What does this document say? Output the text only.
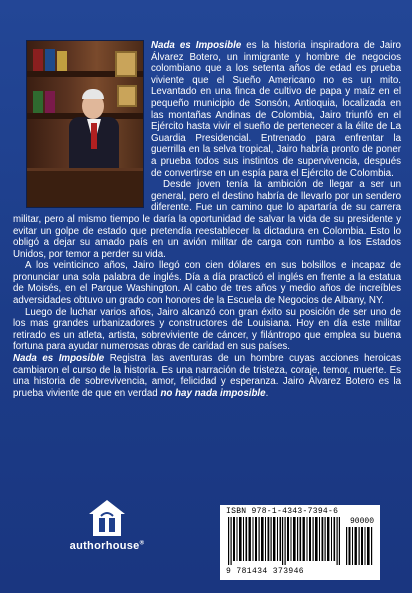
Nada es Imposible es la historia inspiradora de Jairo Álvarez Botero, un inmigrante y hombre de negocios colombiano que a los setenta años de edad es prueba viviente que el Sueño Americano no es un mito. Levantado en una finca de cultivo de papa y maíz en el pequeño municipio de Sonsón, Antioquia, localizada en las montañas Andinas de Colombia, Jairo triunfó en el Ejército hasta vivir el sueño de pertenecer a la élite de La Guardia Presidencial. Entrenado para enfrentar la guerrilla en la selva tropical, Jairo habría pronto de poner a prueba todos sus instintos de supervivencia, después de convertirse en un espía para el Ejército de Colombia.

Desde joven tenía la ambición de llegar a ser un general, pero el destino habría de llevarlo por un sendero diferente. Fue un camino que lo apartaría de su carrera militar, pero al mismo tiempo le daría la oportunidad de salvar la vida de su presidente y evitar un golpe de estado que pretendía reestablecer la dictadura en Colombia. Esto lo obligó a dejar su amado país en un avión militar de carga con rumbo a los Estados Unidos, por temor a perder su vida.

A los veinticinco años, Jairo llegó con cien dólares en sus bolsillos e incapaz de pronunciar una sola palabra de inglés. Día a día practicó el inglés en frente a la estatua de Moisés, en el Parque Washington. Al cabo de tres años y medio años de increíbles adversidades obtuvo un grado con honores de la Escuela de Negocios de Albany, NY.

Luego de luchar varios años, Jairo alcanzó con gran éxito su posición de ser uno de los mas grandes urbanizadores y constructores de Louisiana. Hoy en día este militar retirado es un atleta, artista, sobreviviente de cáncer, y filántropo que emplea su buena fortuna para ayudar numerosas obras de caridad en sus países.

Nada es Imposible Registra las aventuras de un hombre cuyas acciones heroicas cambiaron el curso de la historia. Es una narración de tristeza, coraje, temor, muerte. Es una historia de sobrevivencia, amor, felicidad y esperanza. Jairo Álvarez Botero es la prueba viviente de que en verdad no hay nada imposible.

authorhouse®
ISBN 978-1-4343-7394-6
90000
9 781434 373946
